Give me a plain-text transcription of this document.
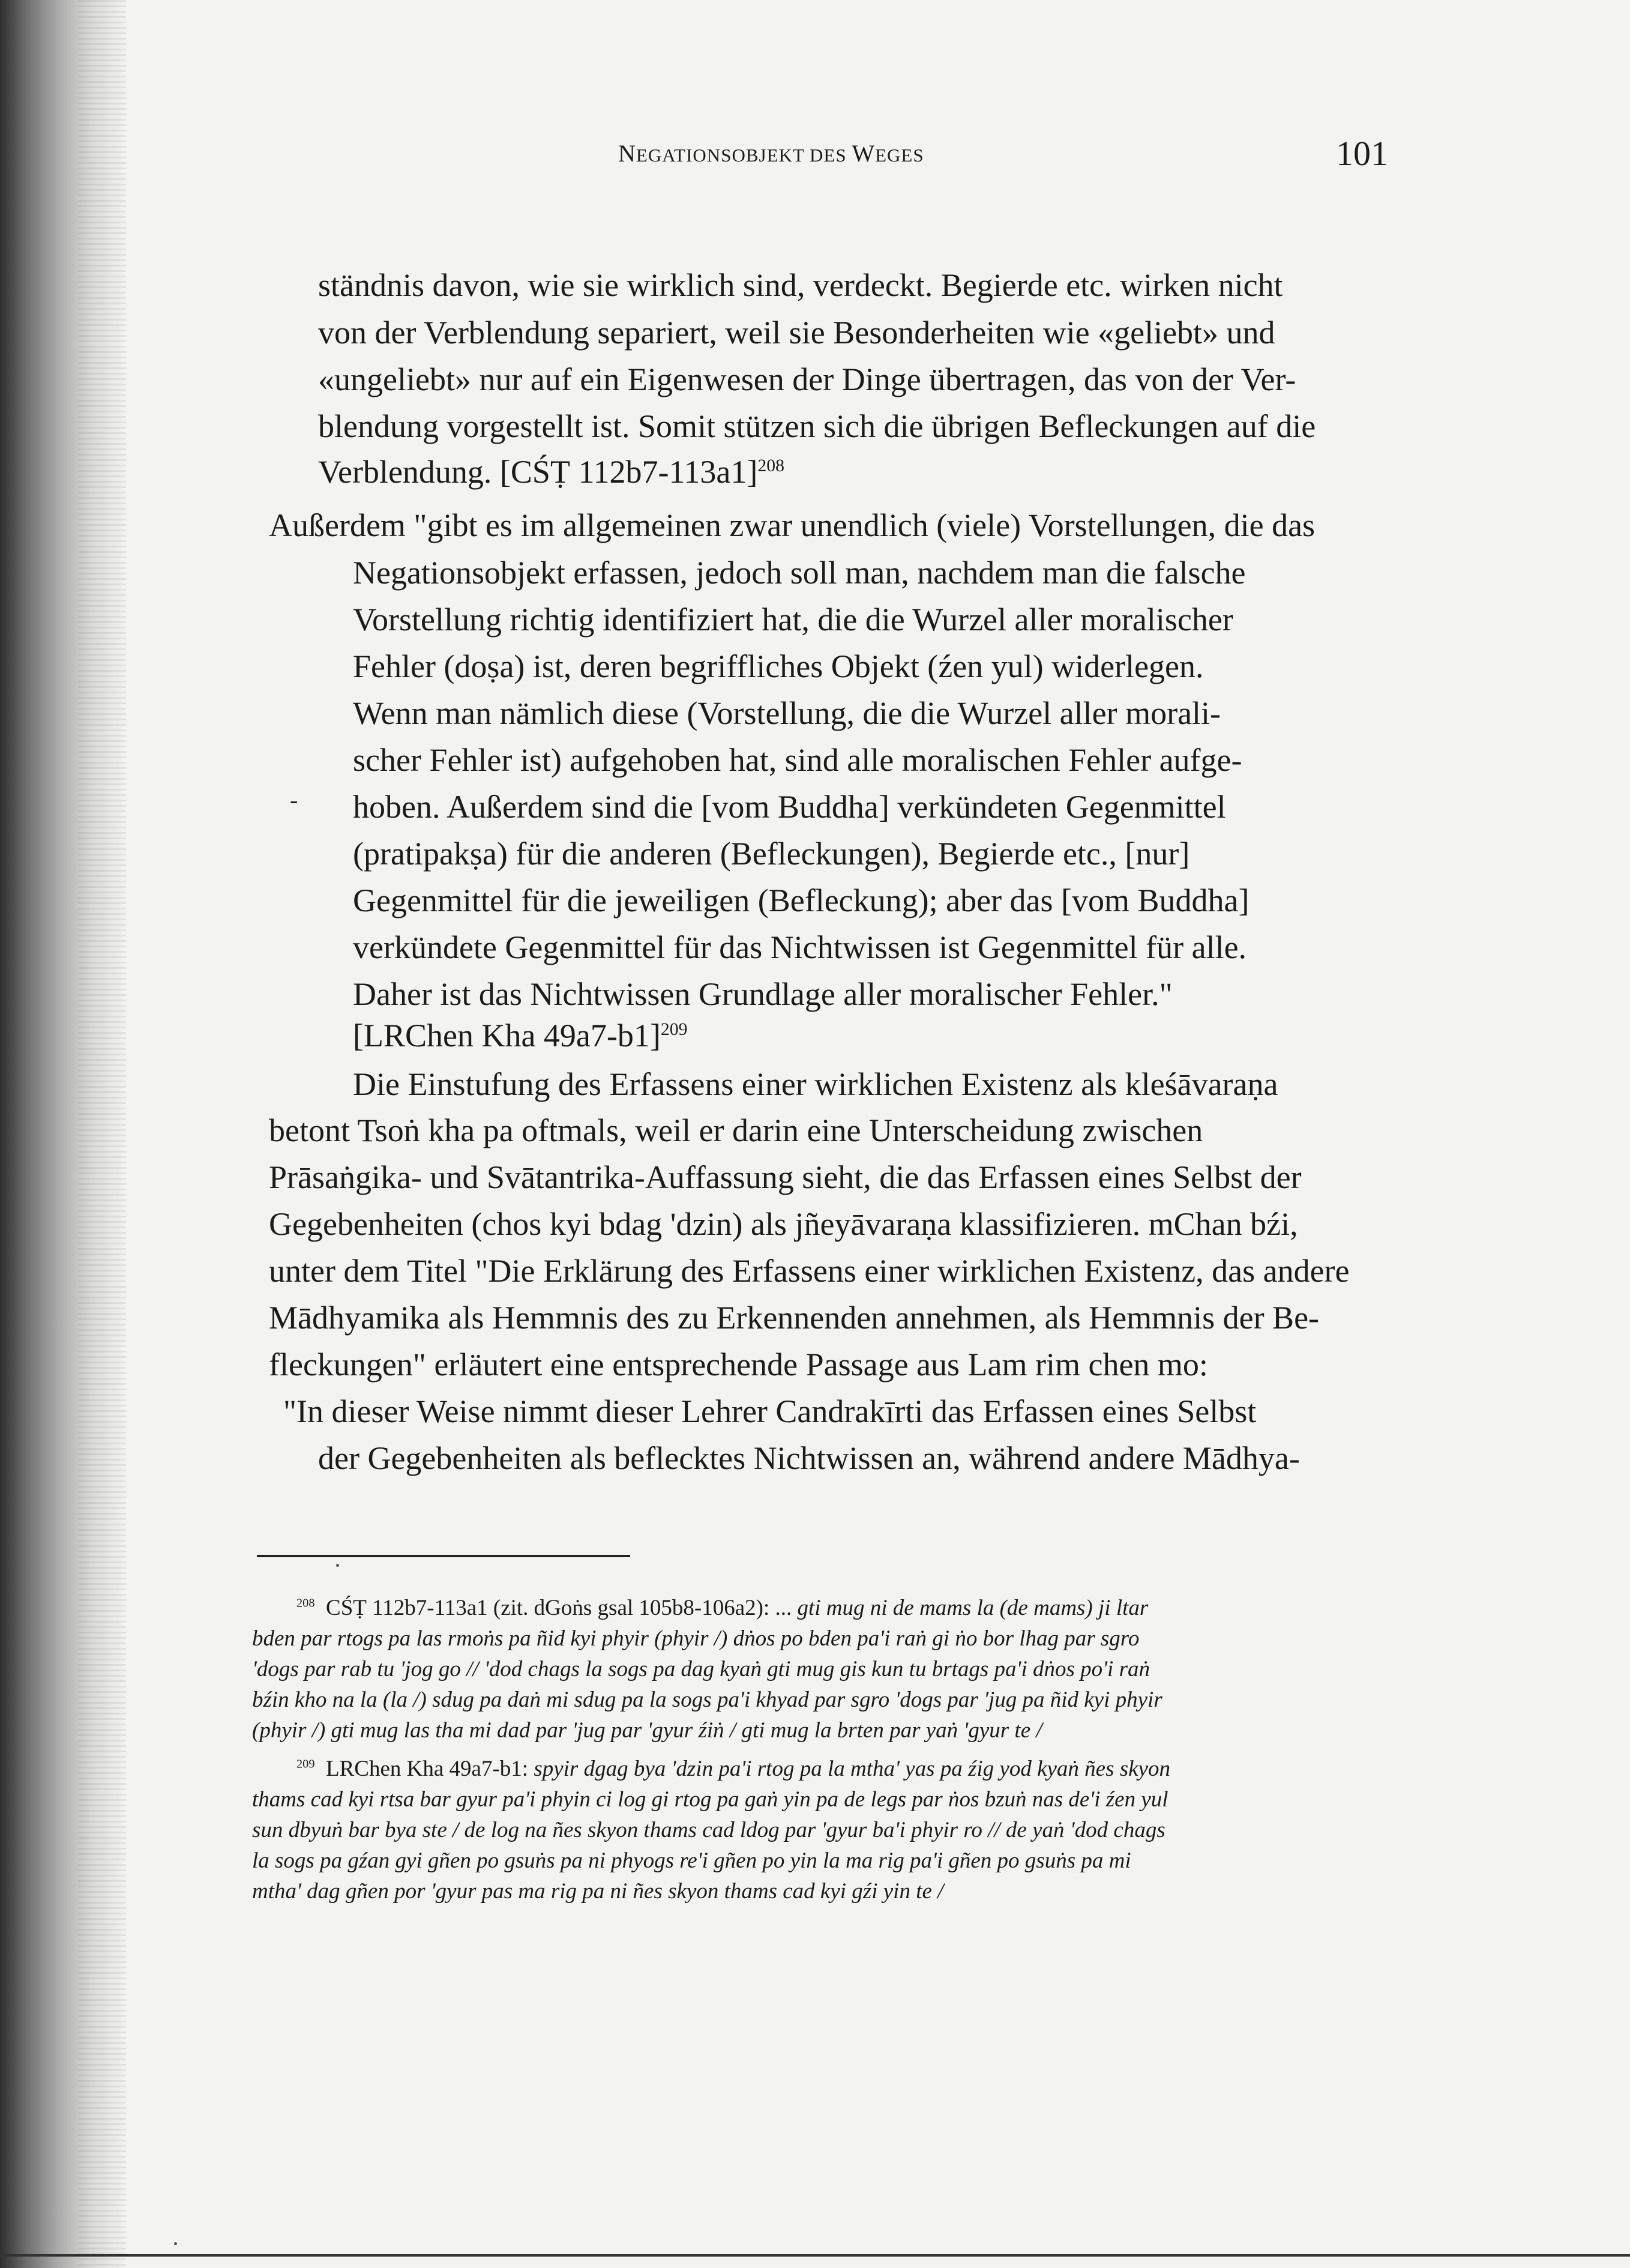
NEGATIONSOBJEKT DES WEGES	101
ständnis davon, wie sie wirklich sind, verdeckt. Begierde etc. wirken nicht
von der Verblendung separiert, weil sie Besonderheiten wie «geliebt» und
«ungeliebt» nur auf ein Eigenwesen der Dinge übertragen, das von der Ver-
blendung vorgestellt ist. Somit stützen sich die übrigen Befleckungen auf die
Verblendung. [CŚṬ 112b7-113a1]$^{208}$
Außerdem "gibt es im allgemeinen zwar unendlich (viele) Vorstellungen, die das
Negationsobjekt erfassen, jedoch soll man, nachdem man die falsche
Vorstellung richtig identifiziert hat, die die Wurzel aller moralischer
Fehler (doṣa) ist, deren begriffliches Objekt (źen yul) widerlegen.
Wenn man nämlich diese (Vorstellung, die die Wurzel aller morali-
scher Fehler ist) aufgehoben hat, sind alle moralischen Fehler aufge-
hoben. Außerdem sind die [vom Buddha] verkündeten Gegenmittel
(pratipakṣa) für die anderen (Befleckungen), Begierde etc., [nur]
Gegenmittel für die jeweiligen (Befleckung); aber das [vom Buddha]
verkündete Gegenmittel für das Nichtwissen ist Gegenmittel für alle.
Daher ist das Nichtwissen Grundlage aller moralischer Fehler."
[LRChen Kha 49a7-b1]$^{209}$
Die Einstufung des Erfassens einer wirklichen Existenz als kleśāvaraṇa
betont Tsoṅ kha pa oftmals, weil er darin eine Unterscheidung zwischen
Prāsaṅgika- und Svātantrika-Auffassung sieht, die das Erfassen eines Selbst der
Gegebenheiten (chos kyi bdag 'dzin) als jñeyāvaraṇa klassifizieren. mChan bźi,
unter dem Titel "Die Erklärung des Erfassens einer wirklichen Existenz, das andere
Mādhyamika als Hemmnis des zu Erkennenden annehmen, als Hemmnis der Be-
fleckungen" erläutert eine entsprechende Passage aus Lam rim chen mo:
"In dieser Weise nimmt dieser Lehrer Candrakīrti das Erfassen eines Selbst
der Gegebenheiten als beflecktes Nichtwissen an, während andere Mādhya-
-
$^{208}$ CŚṬ 112b7-113a1 (zit. dGoṅs gsal 105b8-106a2): ... gti mug ni de mams la (de mams) ji ltar
bden par rtogs pa las rmoṅs pa ñid kyi phyir (phyir /) dṅos po bden pa'i raṅ gi ṅo bor lhag par sgro
'dogs par rab tu 'jog go // 'dod chags la sogs pa dag kyaṅ gti mug gis kun tu brtags pa'i dṅos po'i raṅ
bźin kho na la (la /) sdug pa daṅ mi sdug pa la sogs pa'i khyad par sgro 'dogs par 'jug pa ñid kyi phyir
(phyir /) gti mug las tha mi dad par 'jug par 'gyur źiṅ / gti mug la brten par yaṅ 'gyur te /
$^{209}$ LRChen Kha 49a7-b1: spyir dgag bya 'dzin pa'i rtog pa la mtha' yas pa źig yod kyaṅ ñes skyon
thams cad kyi rtsa bar gyur pa'i phyin ci log gi rtog pa gaṅ yin pa de legs par ṅos bzuṅ nas de'i źen yul
sun dbyuṅ bar bya ste / de log na ñes skyon thams cad ldog par 'gyur ba'i phyir ro // de yaṅ 'dod chags
la sogs pa gźan gyi gñen po gsuṅs pa ni phyogs re'i gñen po yin la ma rig pa'i gñen po gsuṅs pa mi
mtha' dag gñen por 'gyur pas ma rig pa ni ñes skyon thams cad kyi gźi yin te /
